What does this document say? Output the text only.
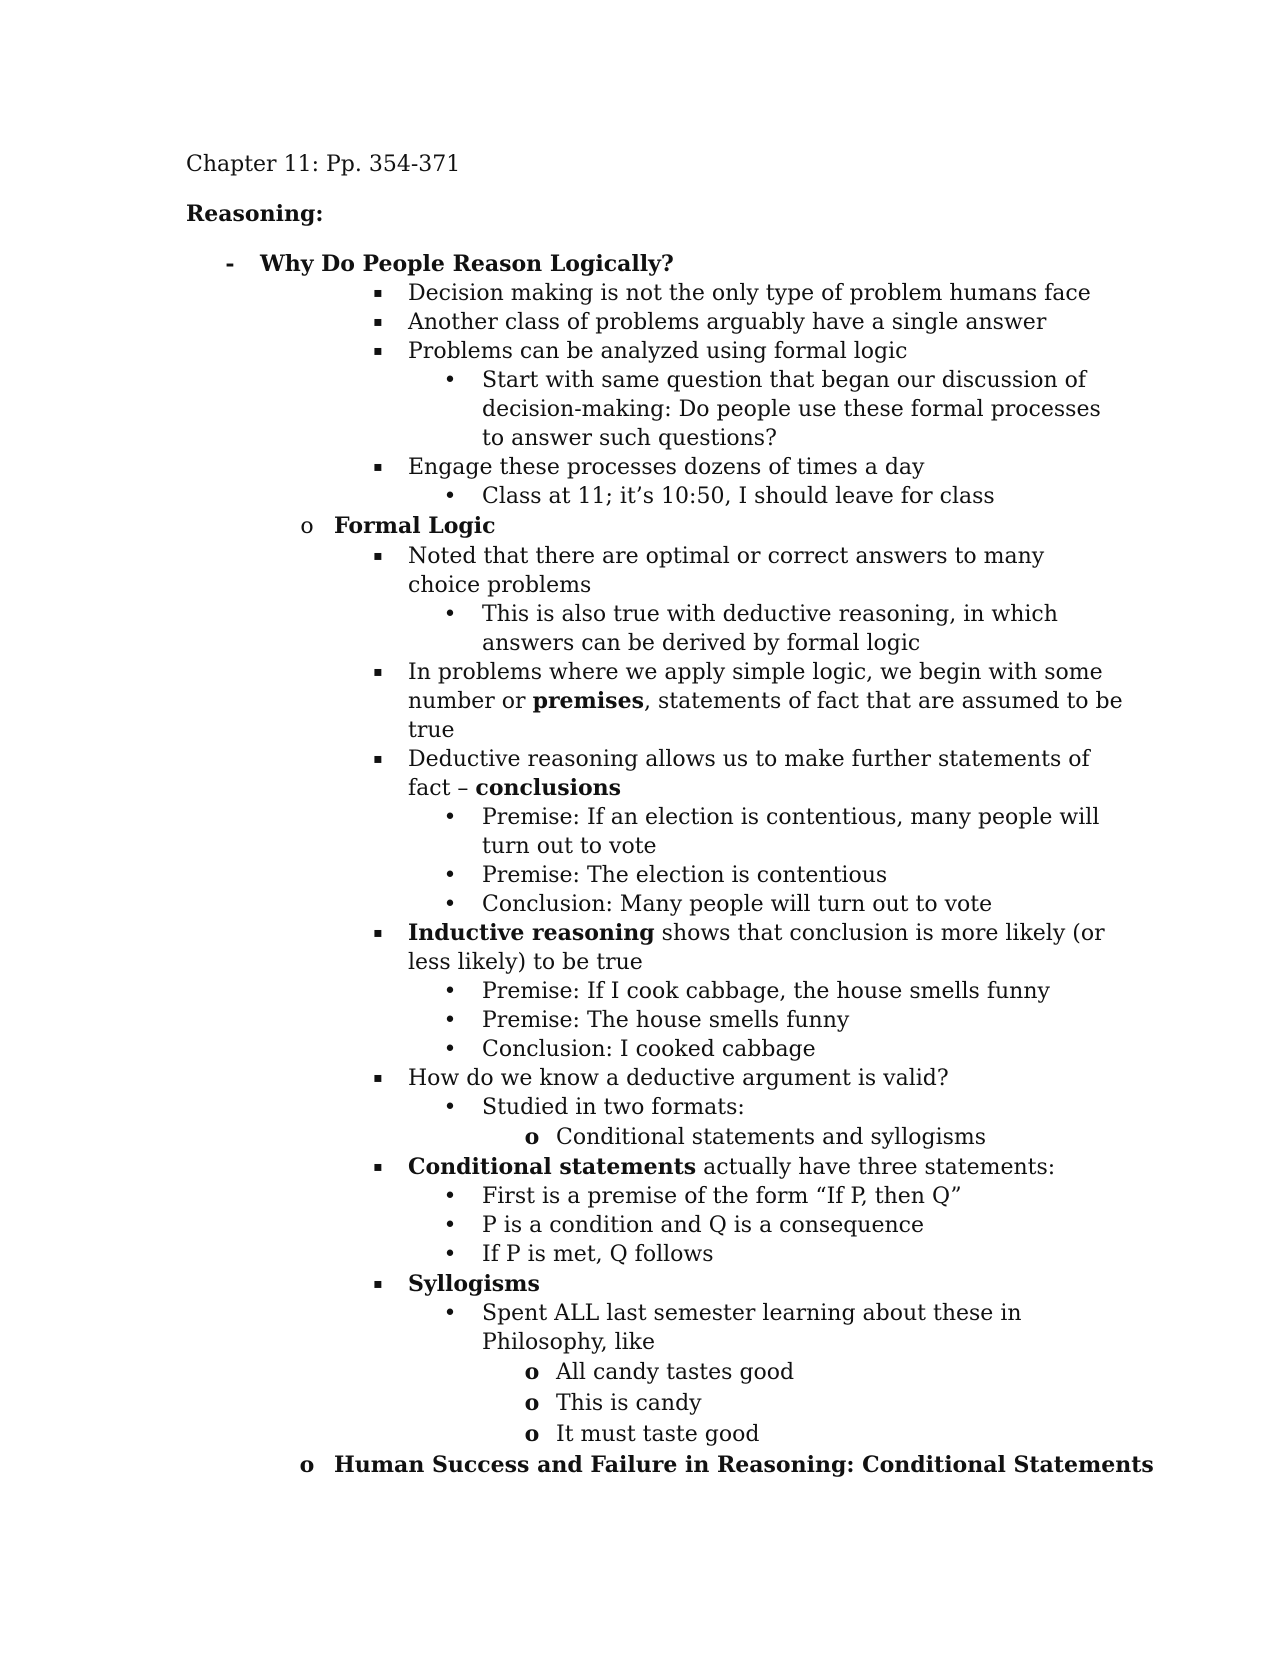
Chapter 11: Pp. 354-371
Reasoning:
- Why Do People Reason Logically?
▪ Decision making is not the only type of problem humans face
▪ Another class of problems arguably have a single answer
▪ Problems can be analyzed using formal logic
• Start with same question that began our discussion of
decision-making: Do people use these formal processes
to answer such questions?
▪ Engage these processes dozens of times a day
• Class at 11; it’s 10:50, I should leave for class
o Formal Logic
▪ Noted that there are optimal or correct answers to many
choice problems
• This is also true with deductive reasoning, in which
answers can be derived by formal logic
▪ In problems where we apply simple logic, we begin with some
number or premises, statements of fact that are assumed to be
true
▪ Deductive reasoning allows us to make further statements of
fact – conclusions
• Premise: If an election is contentious, many people will
turn out to vote
• Premise: The election is contentious
• Conclusion: Many people will turn out to vote
▪ Inductive reasoning shows that conclusion is more likely (or
less likely) to be true
• Premise: If I cook cabbage, the house smells funny
• Premise: The house smells funny
• Conclusion: I cooked cabbage
▪ How do we know a deductive argument is valid?
• Studied in two formats:
o Conditional statements and syllogisms
▪ Conditional statements actually have three statements:
• First is a premise of the form “If P, then Q”
• P is a condition and Q is a consequence
• If P is met, Q follows
▪ Syllogisms
• Spent ALL last semester learning about these in
Philosophy, like
o All candy tastes good
o This is candy
o It must taste good
o Human Success and Failure in Reasoning: Conditional Statements
